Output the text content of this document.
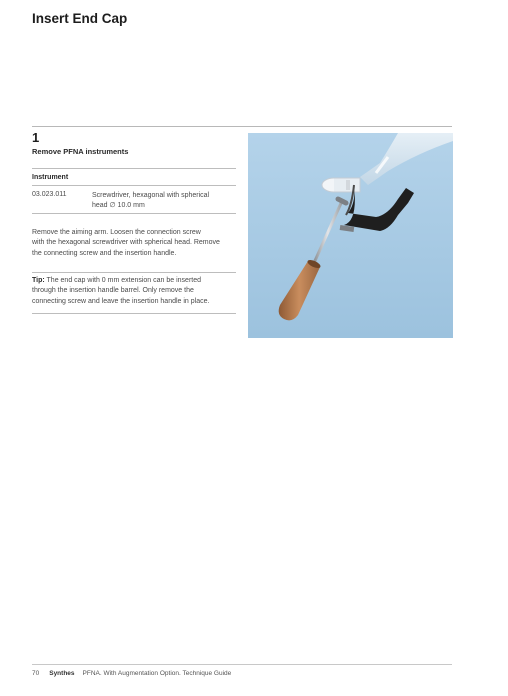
Insert End Cap
1
Remove PFNA instruments
Instrument
03.023.011	Screwdriver, hexagonal with spherical
head ∅ 10.0 mm
Remove the aiming arm. Loosen the connection screw
with the hexagonal screwdriver with spherical head. Remove
the connecting screw and the insertion handle.
Tip: The end cap with 0 mm extension can be inserted
through the insertion handle barrel. Only remove the
connecting screw and leave the insertion handle in place.
70 Synthes PFNA. With Augmentation Option. Technique Guide
